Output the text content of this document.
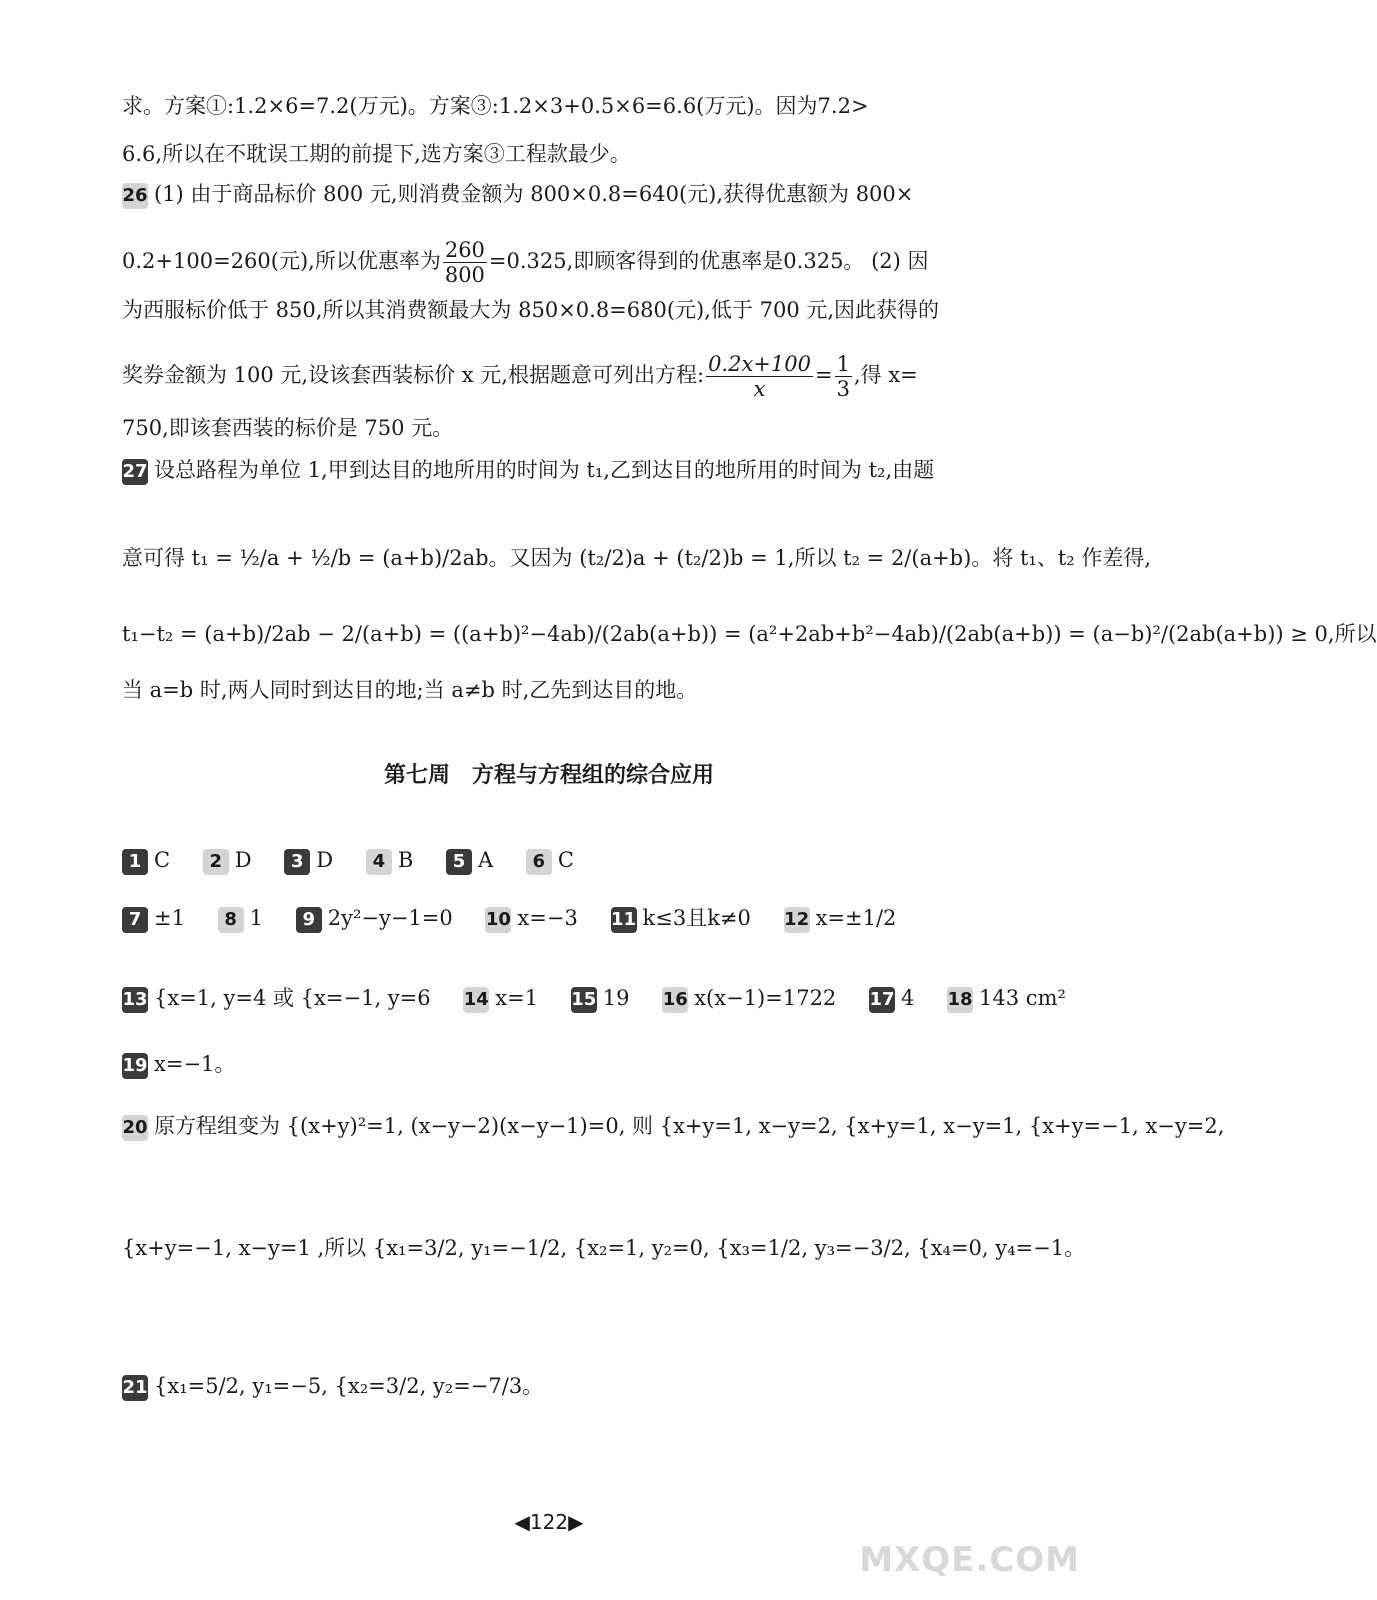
求。方案①:1.2×6=7.2(万元)。方案③:1.2×3+0.5×6=6.6(万元)。因为7.2>
6.6,所以在不耽误工期的前提下,选方案③工程款最少。
26 (1) 由于商品标价 800 元,则消费金额为 800×0.8=640(元),获得优惠额为 800×
0.2+100=260(元),所以优惠率为 $\frac{260}{800} =0.325$,即顾客得到的优惠率是0.325。 (2) 因
为西服标价低于 850,所以其消费额最大为 850×0.8=680(元),低于 700 元,因此获得的
奖券金额为 100 元,设该套西装标价 x 元,根据题意可列出方程: $\frac{0.2x+100}{x} = \frac{1}{3}$ ,得 x=
750,即该套西装的标价是 750 元。
27 设总路程为单位 1,甲到达目的地所用的时间为 t₁,乙到达目的地所用的时间为 t₂,由题
意可得 t₁ = ½/a + ½/b = (a+b)/2ab。又因为 (t₂/2)a + (t₂/2)b = 1,所以 t₂ = 2/(a+b)。将 t₁、t₂ 作差得,
t₁−t₂ = (a+b)/2ab − 2/(a+b) = ((a+b)²−4ab)/(2ab(a+b)) = (a²+2ab+b²−4ab)/(2ab(a+b)) = (a−b)²/(2ab(a+b)) ≥ 0,所以
当 a=b 时,两人同时到达目的地;当 a≠b 时,乙先到达目的地。
第七周　方程与方程组的综合应用
1 C 2 D 3 D 4 B 5 A 6 C
7 ±1 8 1 9 2y²−y−1=0 10 x=−3 11 k≤3且k≠0 12 x=±1/2
13 {x=1, y=4 或 {x=−1, y=6 14 x=1 15 19 16 x(x−1)=1722 17 4 18 143 cm²
19 x=−1。
20 原方程组变为 {(x+y)²=1, (x−y−2)(x−y−1)=0, 则 {x+y=1, x−y=2, {x+y=1, x−y=1, {x+y=−1, x−y=2,
{x+y=−1, x−y=1 ,所以 {x₁=3/2, y₁=−1/2, {x₂=1, y₂=0, {x₃=1/2, y₃=−3/2, {x₄=0, y₄=−1。
21 {x₁=5/2, y₁=−5, {x₂=3/2, y₂=−7/3。
◀122▶
MXQE.COM
